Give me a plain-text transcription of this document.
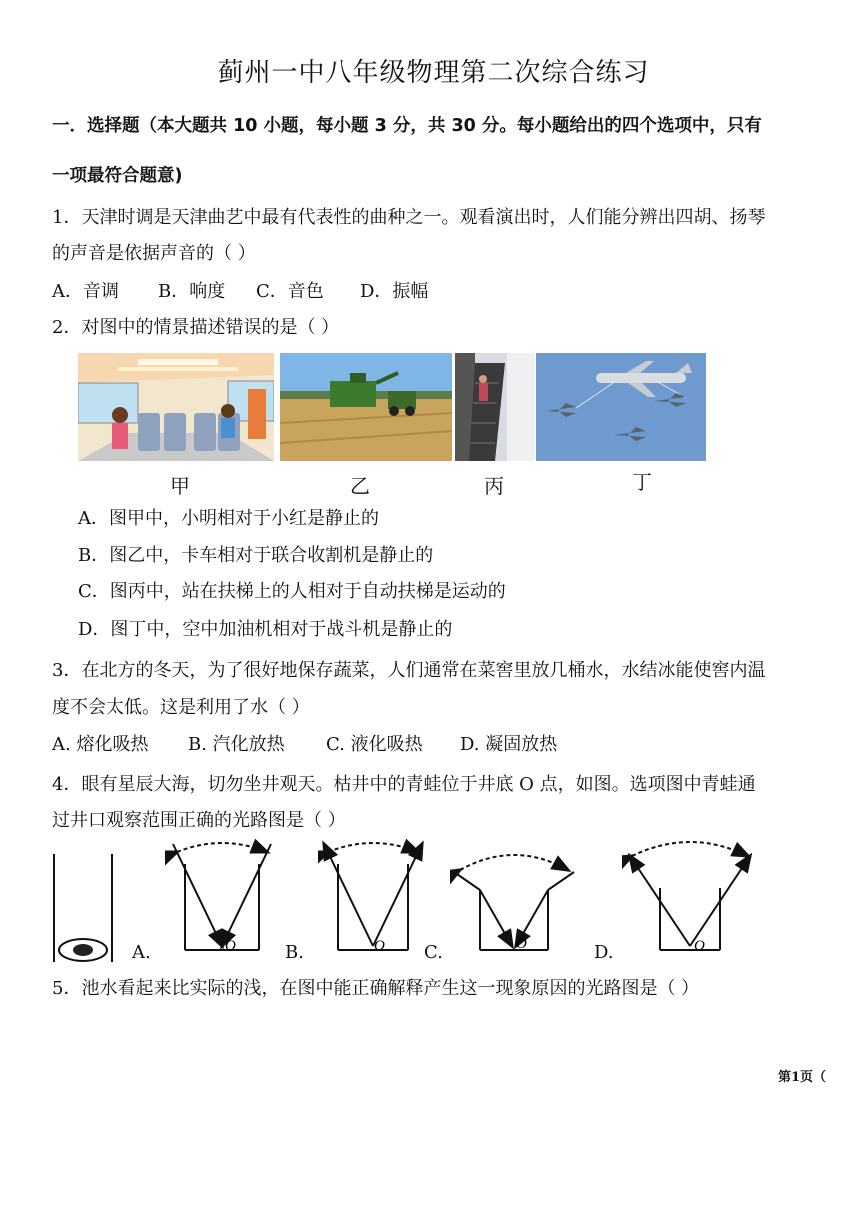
蓟州一中八年级物理第二次综合练习
一．选择题（本大题共 10 小题，每小题 3 分，共 30 分。每小题给出的四个选项中，只有
一项最符合题意)
1．天津时调是天津曲艺中最有代表性的曲种之一。观看演出时，人们能分辨出四胡、扬琴
的声音是依据声音的（ ）
A．音调 B．响度 C．音色 D．振幅
2．对图中的情景描述错误的是（ ）
甲	乙	丙	丁
A．图甲中，小明相对于小红是静止的
B．图乙中，卡车相对于联合收割机是静止的
C．图丙中，站在扶梯上的人相对于自动扶梯是运动的
D．图丁中，空中加油机相对于战斗机是静止的
3．在北方的冬天，为了很好地保存蔬菜，人们通常在菜窖里放几桶水，水结冰能使窖内温
度不会太低。这是利用了水（ ）
A. 熔化吸热 B. 汽化放热 C. 液化吸热 D. 凝固放热
4．眼有星辰大海，切勿坐井观天。枯井中的青蛙位于井底 O 点，如图。选项图中青蛙通
过井口观察范围正确的光路图是（ ）
A.	O	B.	O C.	O	D.	O
5．池水看起来比实际的浅，在图中能正确解释产生这一现象原因的光路图是（ ）
第1页（
